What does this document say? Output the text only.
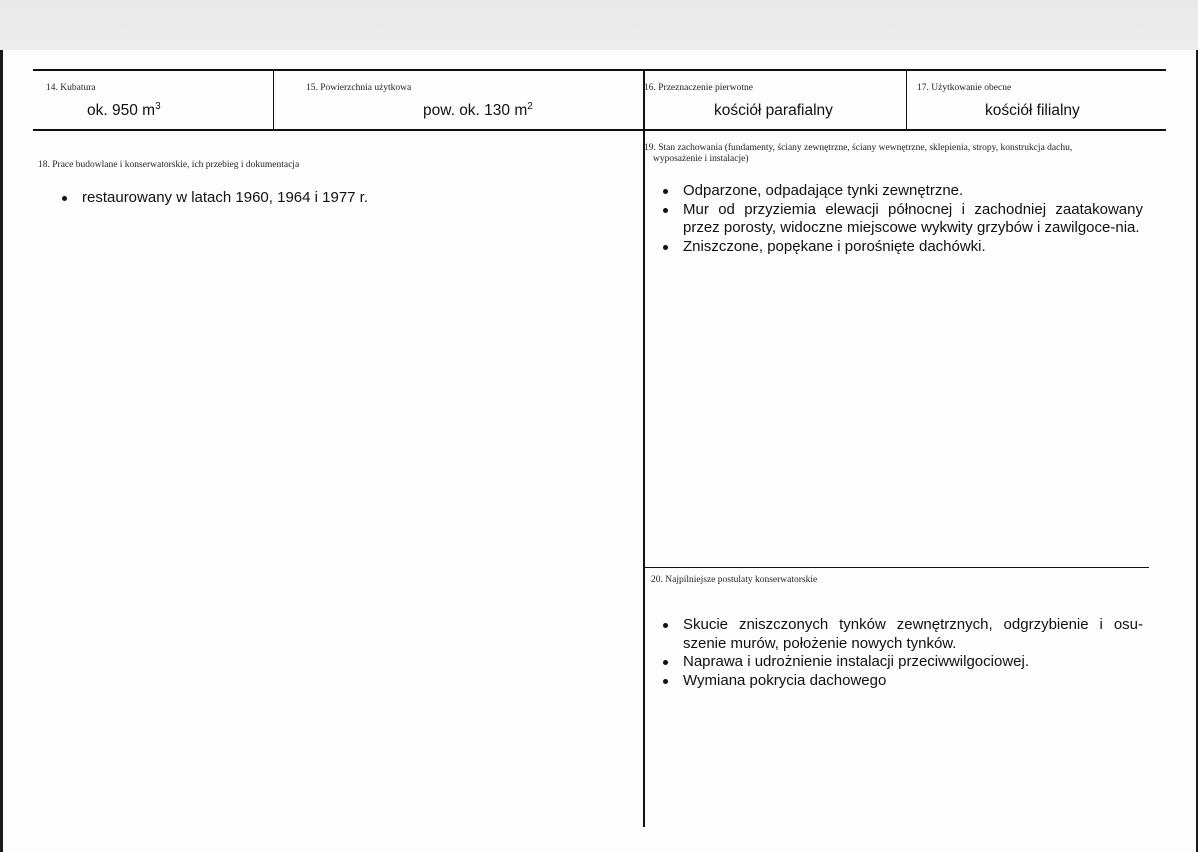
14. Kubatura
ok. 950 $m^3$
15. Powierzchnia użytkowa
pow. ok. 130 $m^2$
16. Przeznaczenie pierwotne
kościół parafialny
17. Użytkowanie obecne
kościół filialny
18. Prace budowlane i konserwatorskie, ich przebieg i dokumentacja
restaurowany w latach 1960, 1964 i 1977 r.
19. Stan zachowania (fundamenty, ściany zewnętrzne, ściany wewnętrzne, sklepienia, stropy, konstrukcja dachu,
wyposażenie i instalacje)
Odparzone, odpadające tynki zewnętrzne.
Mur od przyziemia elewacji północnej i zachodniej zaatakowany przez porosty, widoczne miejscowe wykwity grzybów i zawilgoce-nia.
Zniszczone, popękane i porośnięte dachówki.
20. Najpilniejsze postulaty konserwatorskie
Skucie zniszczonych tynków zewnętrznych, odgrzybienie i osu-szenie murów, położenie nowych tynków.
Naprawa i udrożnienie instalacji przeciwwilgociowej.
Wymiana pokrycia dachowego
